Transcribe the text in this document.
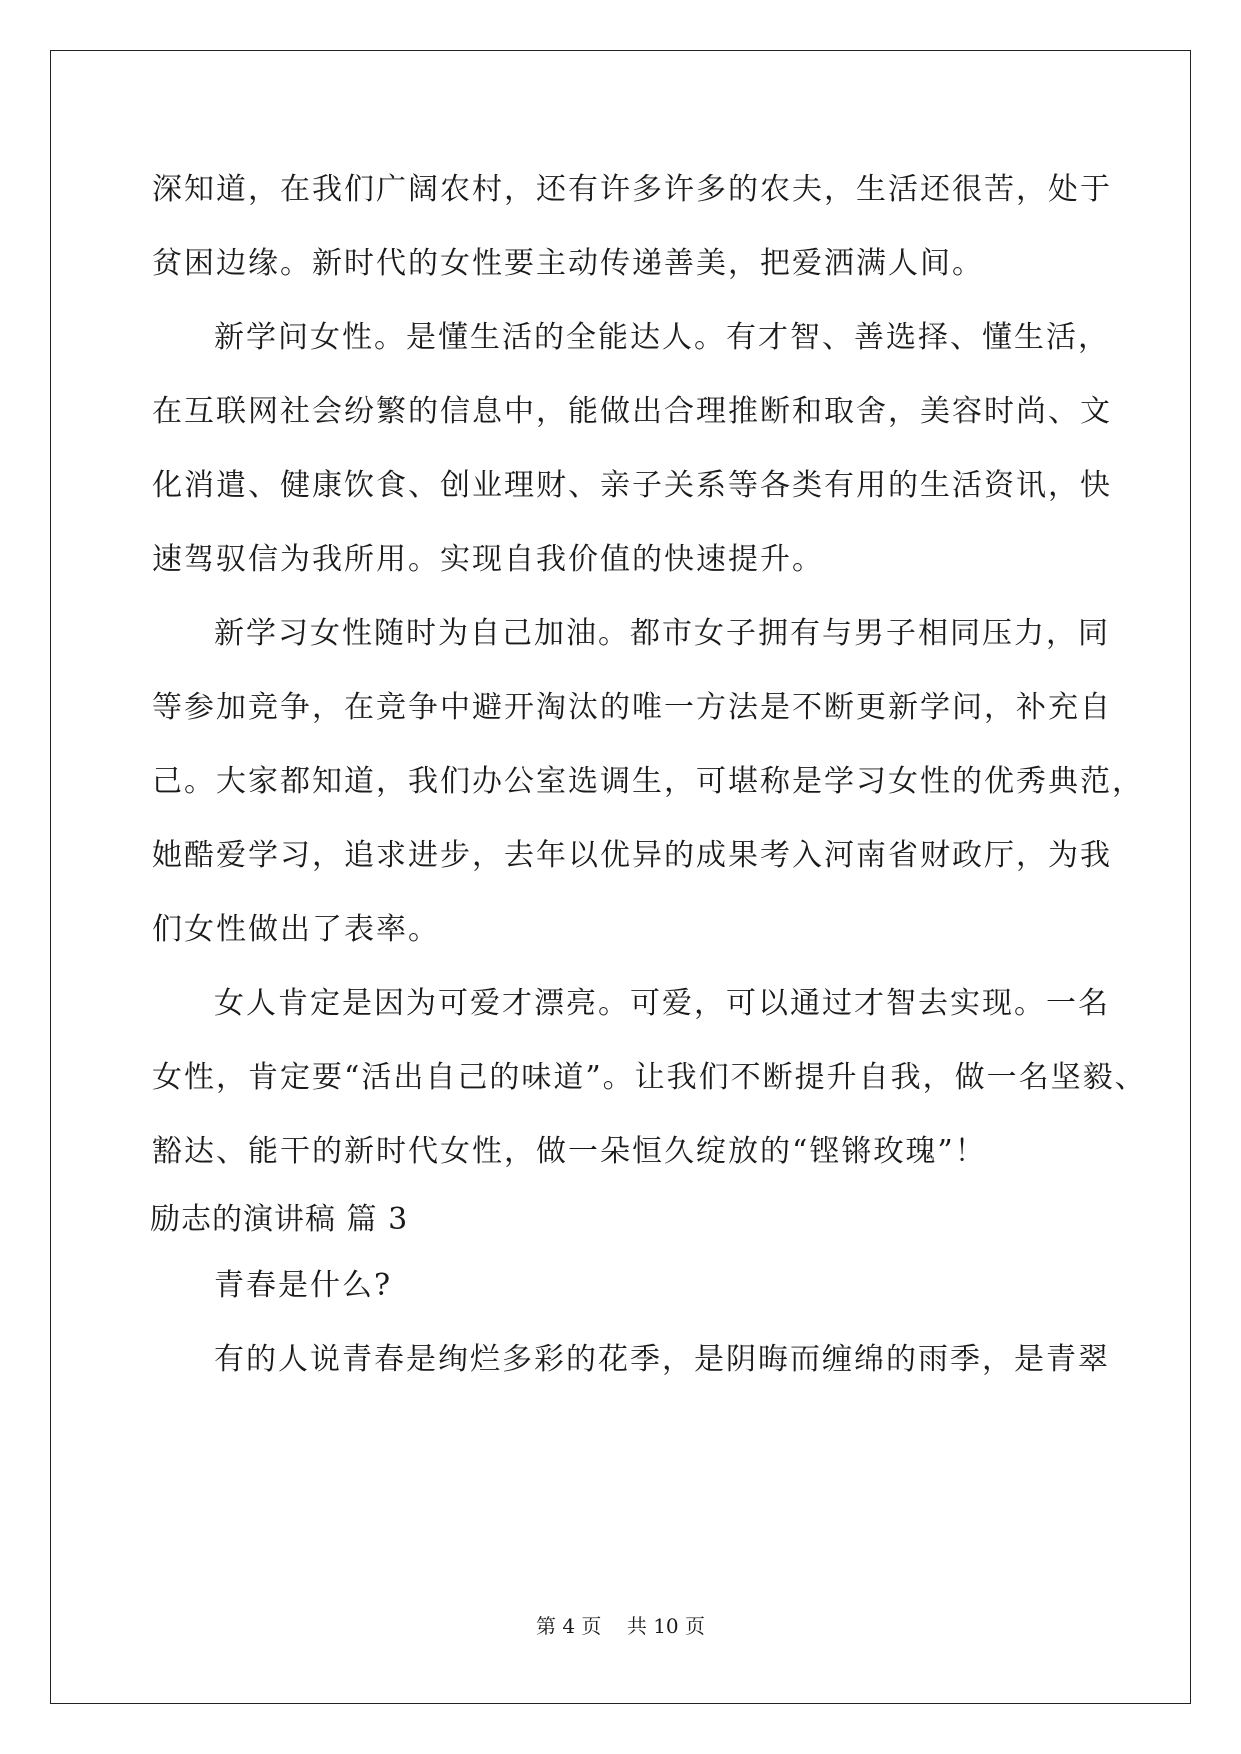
深知道，在我们广阔农村，还有许多许多的农夫，生活还很苦，处于
贫困边缘。新时代的女性要主动传递善美，把爱洒满人间。
新学问女性。是懂生活的全能达人。有才智、善选择、懂生活，
在互联网社会纷繁的信息中，能做出合理推断和取舍，美容时尚、文
化消遣、健康饮食、创业理财、亲子关系等各类有用的生活资讯，快
速驾驭信为我所用。实现自我价值的快速提升。
新学习女性随时为自己加油。都市女子拥有与男子相同压力，同
等参加竞争，在竞争中避开淘汰的唯一方法是不断更新学问，补充自
己。大家都知道，我们办公室选调生，可堪称是学习女性的优秀典范，
她酷爱学习，追求进步，去年以优异的成果考入河南省财政厅，为我
们女性做出了表率。
女人肯定是因为可爱才漂亮。可爱，可以通过才智去实现。一名
女性，肯定要“活出自己的味道”。让我们不断提升自我，做一名坚毅、
豁达、能干的新时代女性，做一朵恒久绽放的“铿锵玫瑰”！
励志的演讲稿 篇 3
青春是什么?
有的人说青春是绚烂多彩的花季，是阴晦而缠绵的雨季，是青翠
第 4 页    共 10 页
